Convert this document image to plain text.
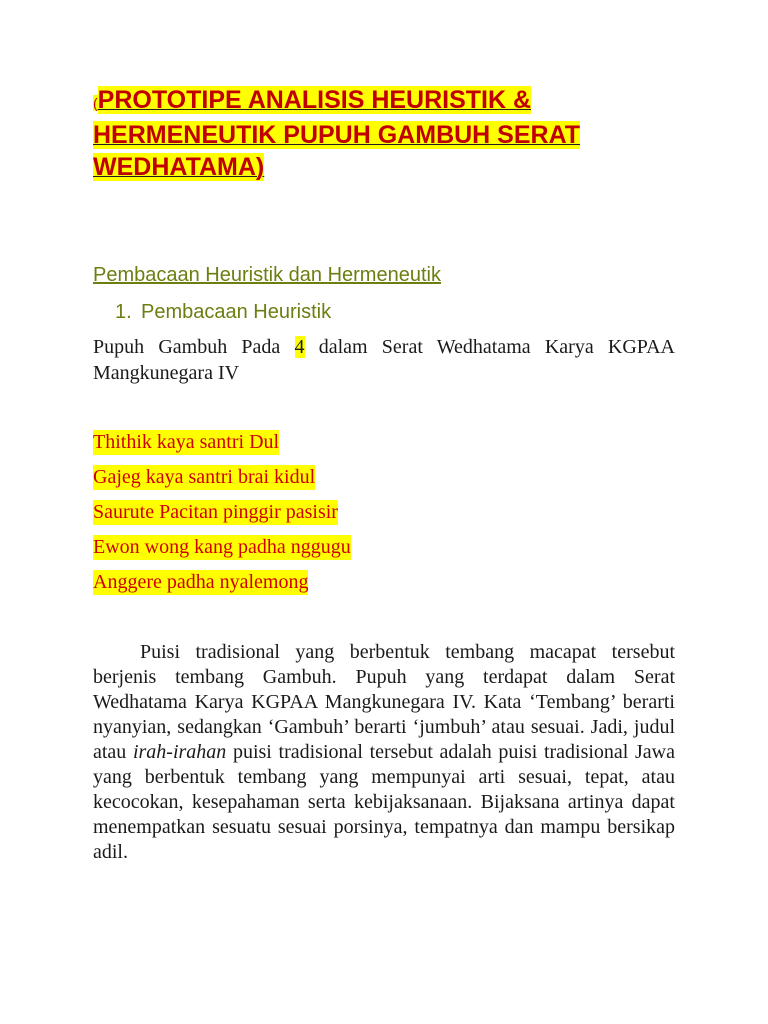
(PROTOTIPE ANALISIS HEURISTIK & HERMENEUTIK PUPUH GAMBUH SERAT WEDHATAMA)
Pembacaan Heuristik dan Hermeneutik
1. Pembacaan Heuristik
Pupuh Gambuh Pada 4 dalam Serat Wedhatama Karya KGPAA Mangkunegara IV
Thithik kaya santri Dul
Gajeg kaya santri brai kidul
Saurute Pacitan pinggir pasisir
Ewon wong kang padha nggugu
Anggere padha nyalemong
Puisi tradisional yang berbentuk tembang macapat tersebut berjenis tembang Gambuh. Pupuh yang terdapat dalam Serat Wedhatama Karya KGPAA Mangkunegara IV. Kata ‘Tembang’ berarti nyanyian, sedangkan ‘Gambuh’ berarti ‘jumbuh’ atau sesuai. Jadi, judul atau irah-irahan puisi tradisional tersebut adalah puisi tradisional Jawa yang berbentuk tembang yang mempunyai arti sesuai, tepat, atau kecocokan, kesepahaman serta kebijaksanaan. Bijaksana artinya dapat menempatkan sesuatu sesuai porsinya, tempatnya dan mampu bersikap adil.
